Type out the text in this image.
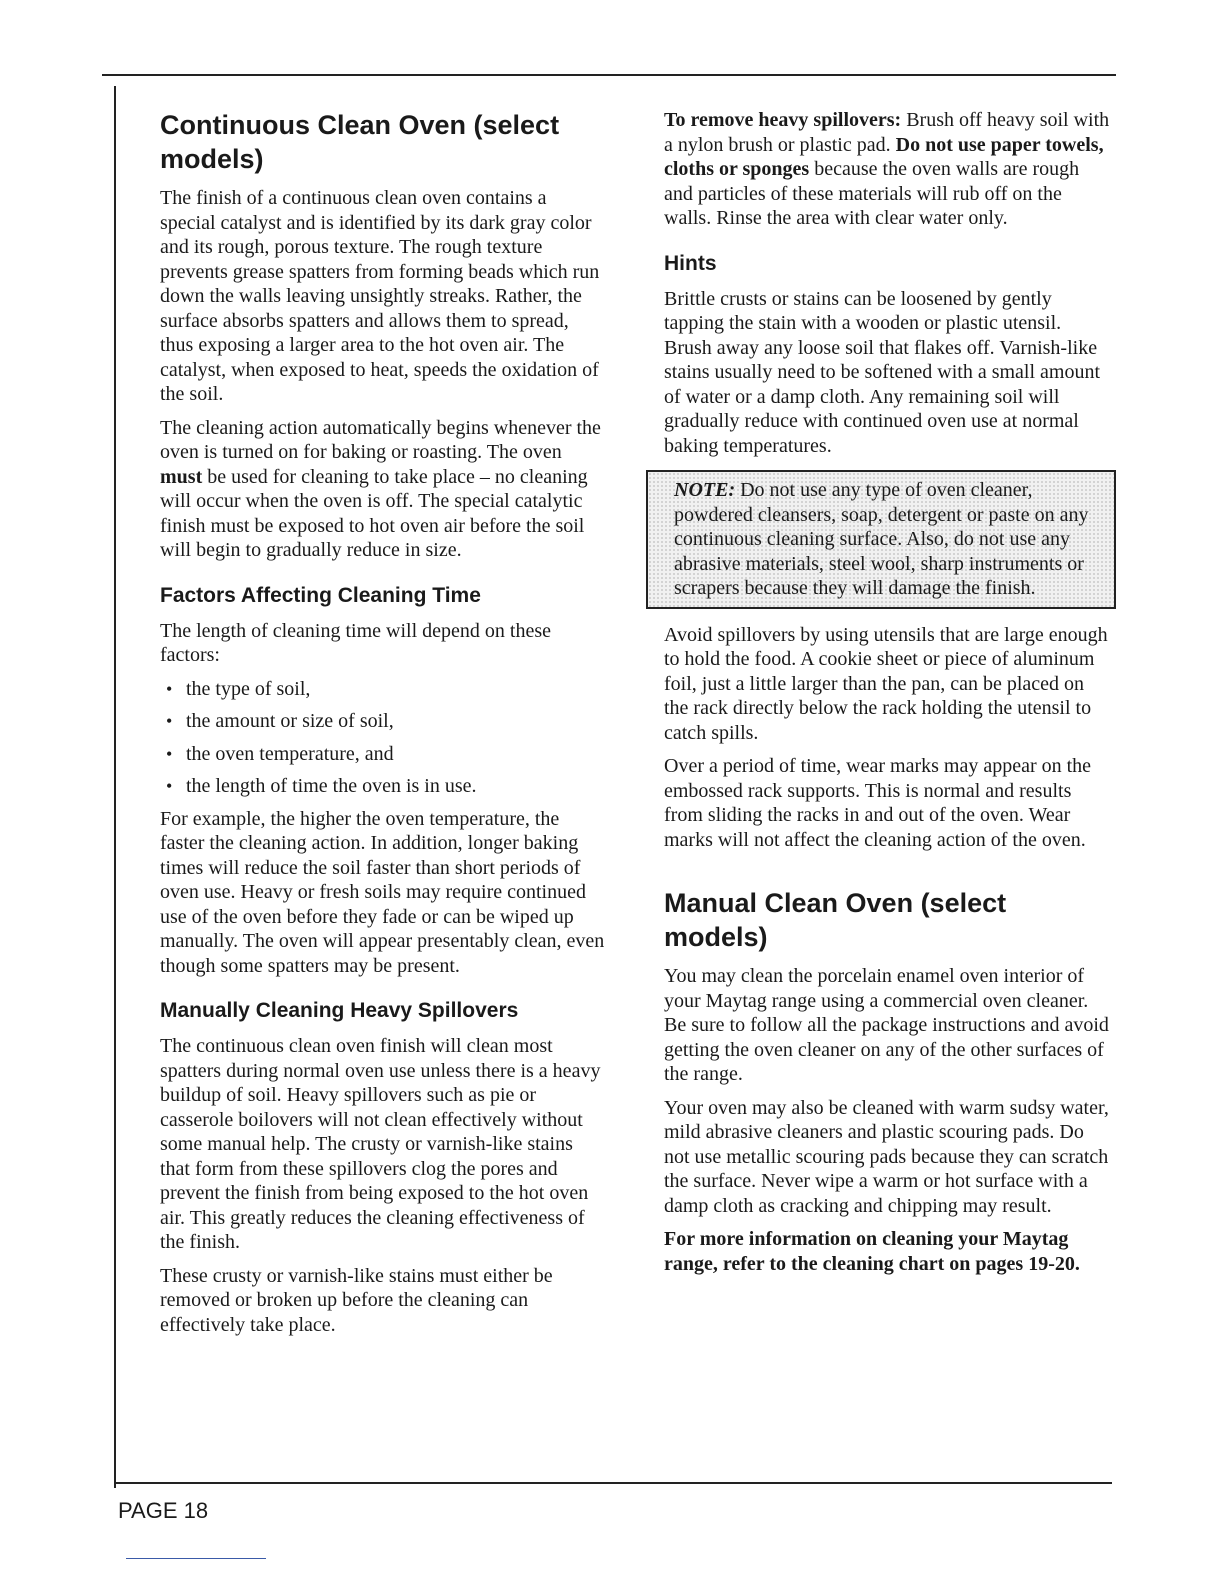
Continuous Clean Oven (select models)

The finish of a continuous clean oven contains a special catalyst and is identified by its dark gray color and its rough, porous texture. The rough texture prevents grease spatters from forming beads which run down the walls leaving unsightly streaks. Rather, the surface absorbs spatters and allows them to spread, thus exposing a larger area to the hot oven air. The catalyst, when exposed to heat, speeds the oxidation of the soil.

The cleaning action automatically begins whenever the oven is turned on for baking or roasting. The oven must be used for cleaning to take place – no cleaning will occur when the oven is off. The special catalytic finish must be exposed to hot oven air before the soil will begin to gradually reduce in size.

Factors Affecting Cleaning Time

The length of cleaning time will depend on these factors:

• the type of soil,
• the amount or size of soil,
• the oven temperature, and
• the length of time the oven is in use.

For example, the higher the oven temperature, the faster the cleaning action. In addition, longer baking times will reduce the soil faster than short periods of oven use. Heavy or fresh soils may require continued use of the oven before they fade or can be wiped up manually. The oven will appear presentably clean, even though some spatters may be present.

Manually Cleaning Heavy Spillovers

The continuous clean oven finish will clean most spatters during normal oven use unless there is a heavy buildup of soil. Heavy spillovers such as pie or casserole boilovers will not clean effectively without some manual help. The crusty or varnish-like stains that form from these spillovers clog the pores and prevent the finish from being exposed to the hot oven air. This greatly reduces the cleaning effectiveness of the finish.

These crusty or varnish-like stains must either be removed or broken up before the cleaning can effectively take place.

To remove heavy spillovers: Brush off heavy soil with a nylon brush or plastic pad. Do not use paper towels, cloths or sponges because the oven walls are rough and particles of these materials will rub off on the walls. Rinse the area with clear water only.

Hints

Brittle crusts or stains can be loosened by gently tapping the stain with a wooden or plastic utensil. Brush away any loose soil that flakes off. Varnish-like stains usually need to be softened with a small amount of water or a damp cloth. Any remaining soil will gradually reduce with continued oven use at normal baking temperatures.

NOTE: Do not use any type of oven cleaner, powdered cleansers, soap, detergent or paste on any continuous cleaning surface. Also, do not use any abrasive materials, steel wool, sharp instruments or scrapers because they will damage the finish.

Avoid spillovers by using utensils that are large enough to hold the food. A cookie sheet or piece of aluminum foil, just a little larger than the pan, can be placed on the rack directly below the rack holding the utensil to catch spills.

Over a period of time, wear marks may appear on the embossed rack supports. This is normal and results from sliding the racks in and out of the oven. Wear marks will not affect the cleaning action of the oven.

Manual Clean Oven (select models)

You may clean the porcelain enamel oven interior of your Maytag range using a commercial oven cleaner. Be sure to follow all the package instructions and avoid getting the oven cleaner on any of the other surfaces of the range.

Your oven may also be cleaned with warm sudsy water, mild abrasive cleaners and plastic scouring pads. Do not use metallic scouring pads because they can scratch the surface. Never wipe a warm or hot surface with a damp cloth as cracking and chipping may result.

For more information on cleaning your Maytag range, refer to the cleaning chart on pages 19-20.

PAGE 18
